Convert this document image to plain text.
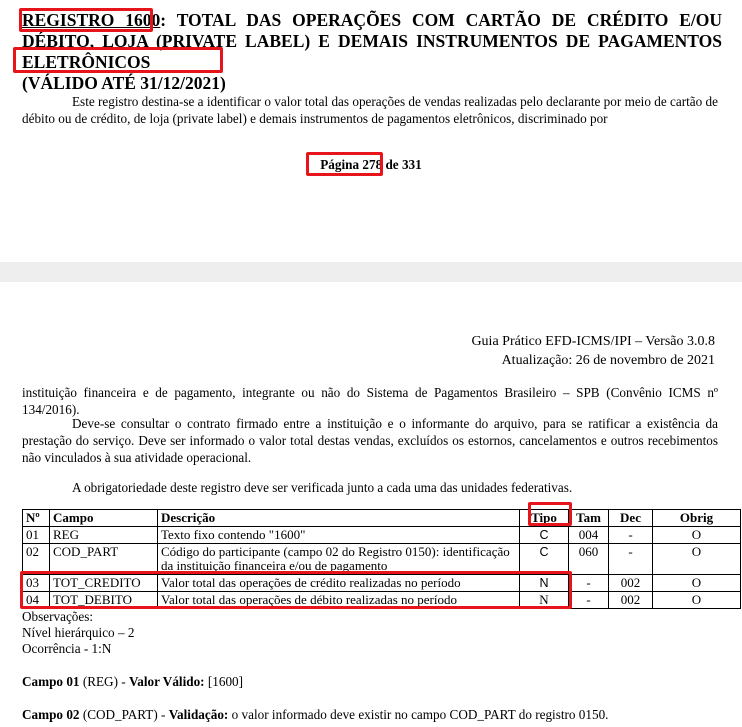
REGISTRO 1600: TOTAL DAS OPERAÇÕES COM CARTÃO DE CRÉDITO E/OU DÉBITO, LOJA (PRIVATE LABEL) E DEMAIS INSTRUMENTOS DE PAGAMENTOS ELETRÔNICOS
(VÁLIDO ATÉ 31/12/2021)
Este registro destina-se a identificar o valor total das operações de vendas realizadas pelo declarante por meio de cartão de débito ou de crédito, de loja (private label) e demais instrumentos de pagamentos eletrônicos, discriminado por
Página 278 de 331
Guia Prático EFD-ICMS/IPI – Versão 3.0.8
Atualização: 26 de novembro de 2021
instituição financeira e de pagamento, integrante ou não do Sistema de Pagamentos Brasileiro – SPB (Convênio ICMS nº 134/2016).
Deve-se consultar o contrato firmado entre a instituição e o informante do arquivo, para se ratificar a existência da prestação do serviço. Deve ser informado o valor total destas vendas, excluídos os estornos, cancelamentos e outros recebimentos não vinculados à sua atividade operacional.
A obrigatoriedade deste registro deve ser verificada junto a cada uma das unidades federativas.
Nº	Campo	Descrição	Tipo	Tam	Dec	Obrig
01	REG	Texto fixo contendo "1600"	C	004	-	O
02	COD_PART	Código do participante (campo 02 do Registro 0150): identificação da instituição financeira e/ou de pagamento	C	060	-	O
03	TOT_CREDITO	Valor total das operações de crédito realizadas no período	N	-	002	O
04	TOT_DEBITO	Valor total das operações de débito realizadas no período	N	-	002	O
Observações:
Nível hierárquico – 2
Ocorrência - 1:N
Campo 01 (REG) - Valor Válido: [1600]
Campo 02 (COD_PART) - Validação: o valor informado deve existir no campo COD_PART do registro 0150.
